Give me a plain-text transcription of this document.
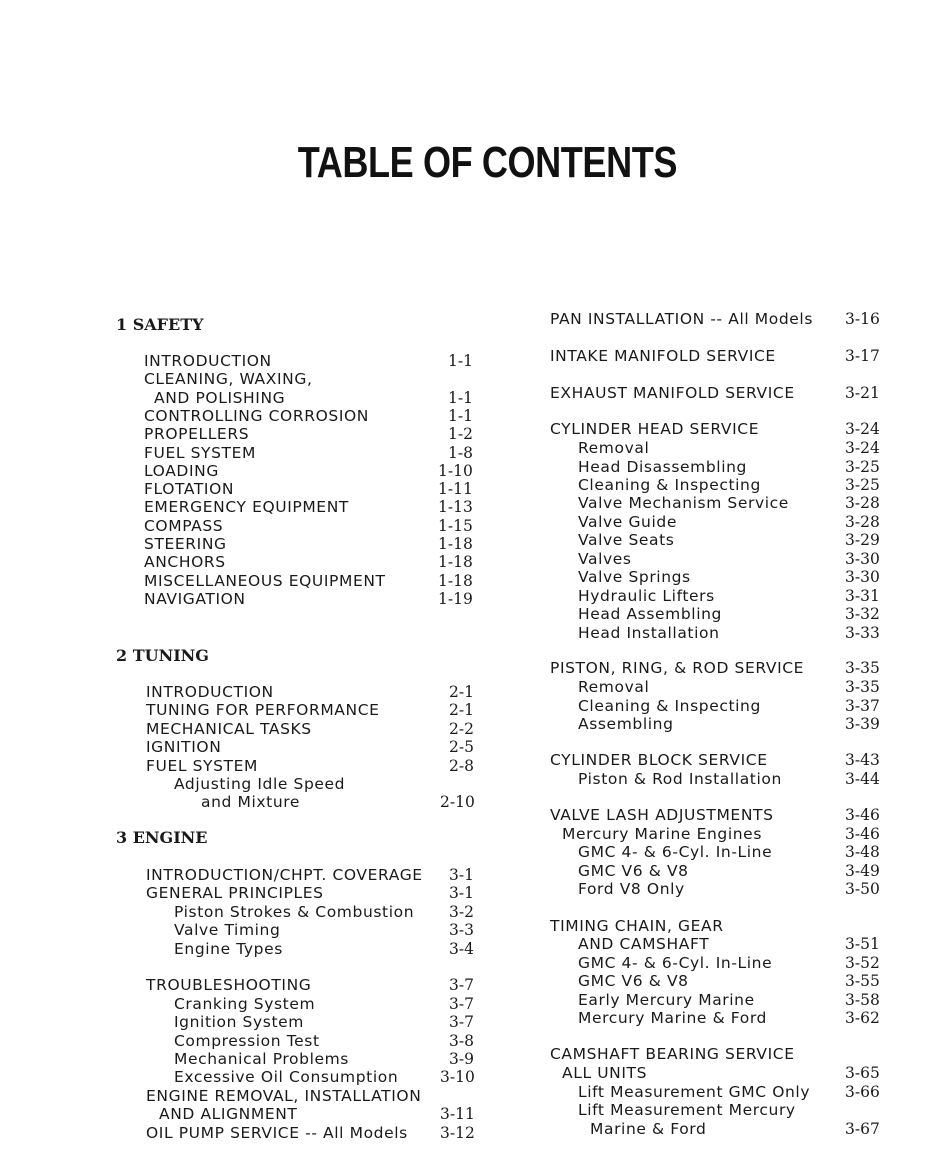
TABLE OF CONTENTS
1 SAFETY
INTRODUCTION	1-1
CLEANING, WAXING,
AND POLISHING	1-1
CONTROLLING CORROSION	1-1
PROPELLERS	1-2
FUEL SYSTEM	1-8
LOADING	1-10
FLOTATION	1-11
EMERGENCY EQUIPMENT	1-13
COMPASS	1-15
STEERING	1-18
ANCHORS	1-18
MISCELLANEOUS EQUIPMENT	1-18
NAVIGATION	1-19
2 TUNING
INTRODUCTION	2-1
TUNING FOR PERFORMANCE	2-1
MECHANICAL TASKS	2-2
IGNITION	2-5
FUEL SYSTEM	2-8
Adjusting Idle Speed
and Mixture	2-10
3 ENGINE
INTRODUCTION/CHPT. COVERAGE 3-1
GENERAL PRINCIPLES	3-1
Piston Strokes & Combustion 3-2
Valve Timing	3-3
Engine Types	3-4
TROUBLESHOOTING	3-7
Cranking System	3-7
Ignition System	3-7
Compression Test	3-8
Mechanical Problems	3-9
Excessive Oil Consumption	3-10
ENGINE REMOVAL, INSTALLATION
AND ALIGNMENT	3-11
OIL PUMP SERVICE -- All Models 3-12
PAN INSTALLATION -- All Models 3-16
INTAKE MANIFOLD SERVICE	3-17
EXHAUST MANIFOLD SERVICE	3-21
CYLINDER HEAD SERVICE	3-24
Removal	3-24
Head Disassembling	3-25
Cleaning & Inspecting	3-25
Valve Mechanism Service	3-28
Valve Guide	3-28
Valve Seats	3-29
Valves	3-30
Valve Springs	3-30
Hydraulic Lifters	3-31
Head Assembling	3-32
Head Installation	3-33
PISTON, RING, & ROD SERVICE	3-35
Removal	3-35
Cleaning & Inspecting	3-37
Assembling	3-39
CYLINDER BLOCK SERVICE	3-43
Piston & Rod Installation	3-44
VALVE LASH ADJUSTMENTS	3-46
Mercury Marine Engines	3-46
GMC 4- & 6-Cyl. In-Line	3-48
GMC V6 & V8	3-49
Ford V8 Only	3-50
TIMING CHAIN, GEAR
AND CAMSHAFT	3-51
GMC 4- & 6-Cyl. In-Line	3-52
GMC V6 & V8	3-55
Early Mercury Marine	3-58
Mercury Marine & Ford	3-62
CAMSHAFT BEARING SERVICE
ALL UNITS	3-65
Lift Measurement GMC Only 3-66
Lift Measurement Mercury
Marine & Ford	3-67
